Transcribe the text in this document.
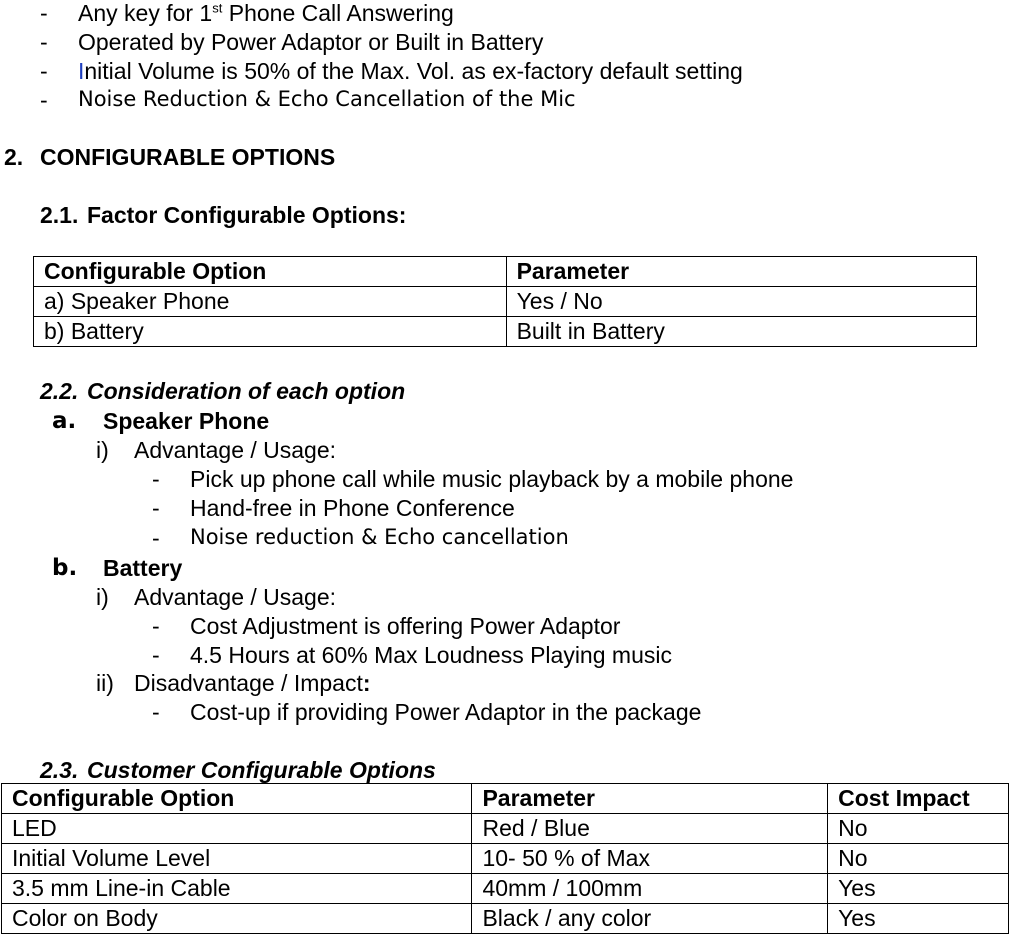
- Any key for 1st Phone Call Answering
- Operated by Power Adaptor or Built in Battery
- Initial Volume is 50% of the Max. Vol. as ex-factory default setting
- Noise Reduction & Echo Cancellation of the Mic
2. CONFIGURABLE OPTIONS
2.1. Factor Configurable Options:
Configurable Option	Parameter
a) Speaker Phone	Yes / No
b) Battery	Built in Battery
2.2. Consideration of each option
a. Speaker Phone
i) Advantage / Usage:
- Pick up phone call while music playback by a mobile phone
- Hand-free in Phone Conference
- Noise reduction & Echo cancellation
b. Battery
i) Advantage / Usage:
- Cost Adjustment is offering Power Adaptor
- 4.5 Hours at 60% Max Loudness Playing music
ii) Disadvantage / Impact:
- Cost-up if providing Power Adaptor in the package
2.3. Customer Configurable Options
Configurable Option	Parameter	Cost Impact
LED	Red / Blue	No
Initial Volume Level	10- 50 % of Max	No
3.5 mm Line-in Cable	40mm / 100mm	Yes
Color on Body	Black / any color	Yes
